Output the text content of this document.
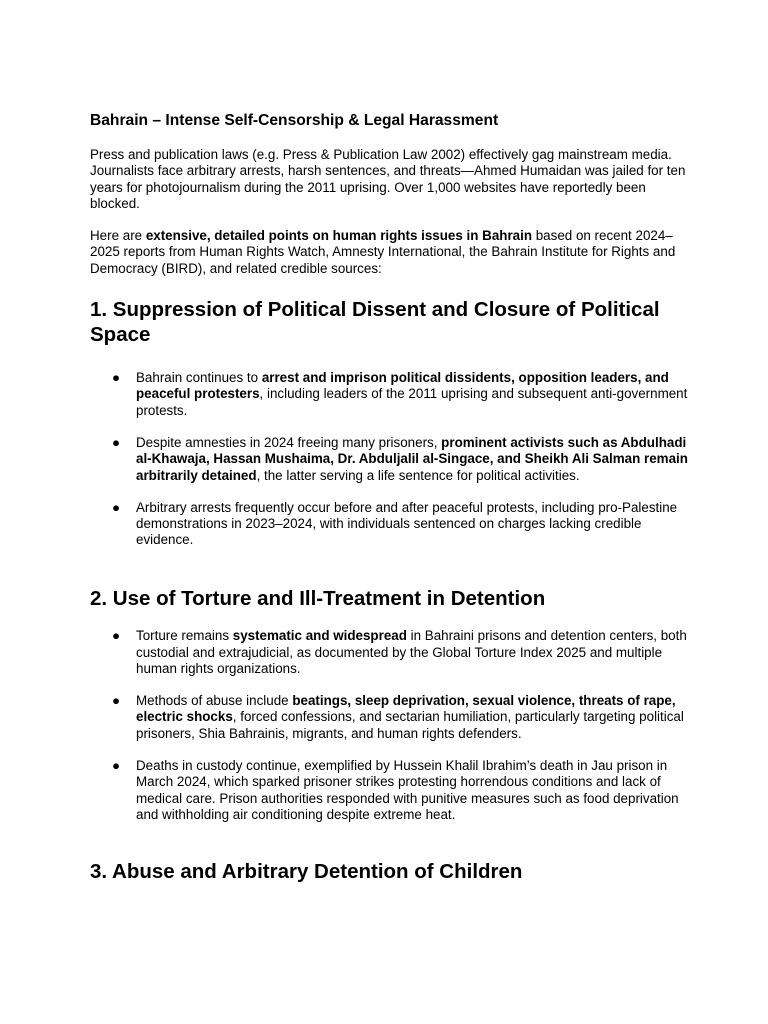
Bahrain – Intense Self-Censorship & Legal Harassment

Press and publication laws (e.g. Press & Publication Law 2002) effectively gag mainstream media. Journalists face arbitrary arrests, harsh sentences, and threats—Ahmed Humaidan was jailed for ten years for photojournalism during the 2011 uprising. Over 1,000 websites have reportedly been blocked.

Here are extensive, detailed points on human rights issues in Bahrain based on recent 2024–2025 reports from Human Rights Watch, Amnesty International, the Bahrain Institute for Rights and Democracy (BIRD), and related credible sources:

1. Suppression of Political Dissent and Closure of Political Space
● Bahrain continues to arrest and imprison political dissidents, opposition leaders, and peaceful protesters, including leaders of the 2011 uprising and subsequent anti-government protests.
● Despite amnesties in 2024 freeing many prisoners, prominent activists such as Abdulhadi al-Khawaja, Hassan Mushaima, Dr. Abduljalil al-Singace, and Sheikh Ali Salman remain arbitrarily detained, the latter serving a life sentence for political activities.
● Arbitrary arrests frequently occur before and after peaceful protests, including pro-Palestine demonstrations in 2023–2024, with individuals sentenced on charges lacking credible evidence.
2. Use of Torture and Ill-Treatment in Detention
● Torture remains systematic and widespread in Bahraini prisons and detention centers, both custodial and extrajudicial, as documented by the Global Torture Index 2025 and multiple human rights organizations.
● Methods of abuse include beatings, sleep deprivation, sexual violence, threats of rape, electric shocks, forced confessions, and sectarian humiliation, particularly targeting political prisoners, Shia Bahrainis, migrants, and human rights defenders.
● Deaths in custody continue, exemplified by Hussein Khalil Ibrahim’s death in Jau prison in March 2024, which sparked prisoner strikes protesting horrendous conditions and lack of medical care. Prison authorities responded with punitive measures such as food deprivation and withholding air conditioning despite extreme heat.
3. Abuse and Arbitrary Detention of Children
